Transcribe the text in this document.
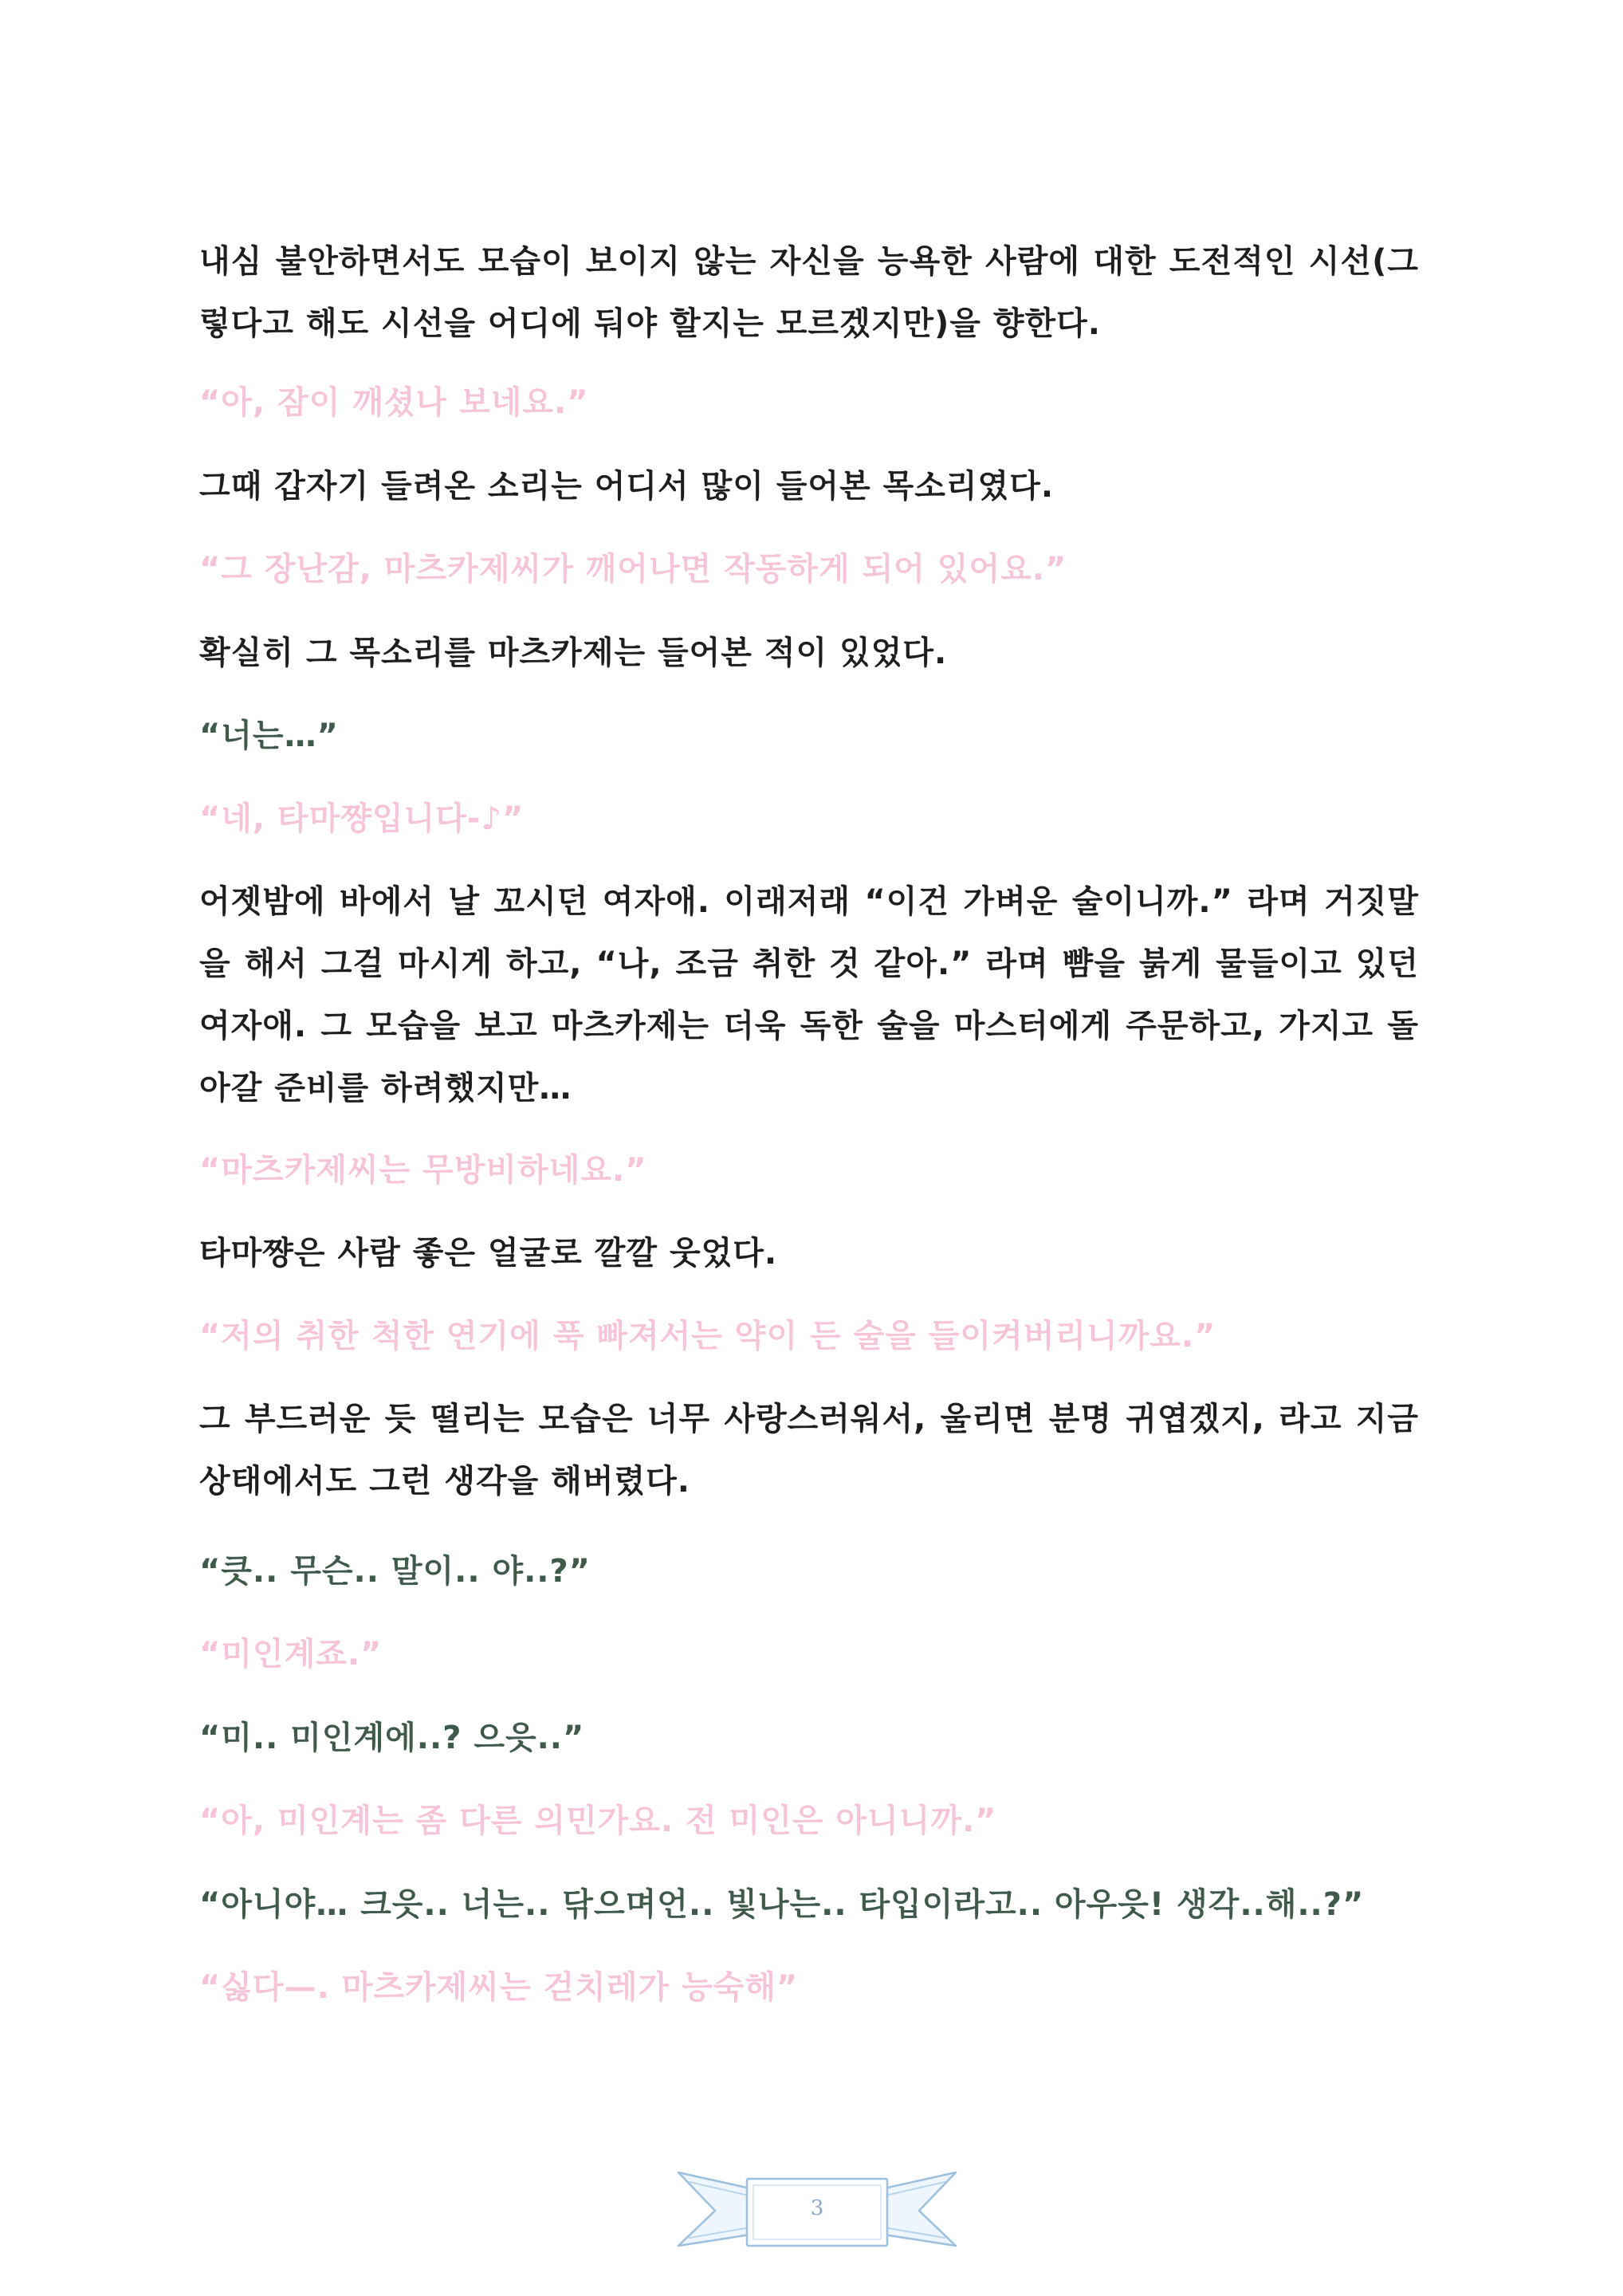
내심 불안하면서도 모습이 보이지 않는 자신을 능욕한 사람에 대한 도전적인 시선(그렇다고 해도 시선을 어디에 둬야 할지는 모르겠지만)을 향한다.

“아, 잠이 깨셨나 보네요.”

그때 갑자기 들려온 소리는 어디서 많이 들어본 목소리였다.

“그 장난감, 마츠카제씨가 깨어나면 작동하게 되어 있어요.”

확실히 그 목소리를 마츠카제는 들어본 적이 있었다.

“너는…”

“네, 타마쨩입니다-♪”

어젯밤에 바에서 날 꼬시던 여자애. 이래저래 “이건 가벼운 술이니까.” 라며 거짓말을 해서 그걸 마시게 하고, “나, 조금 취한 것 같아.” 라며 뺨을 붉게 물들이고 있던 여자애. 그 모습을 보고 마츠카제는 더욱 독한 술을 마스터에게 주문하고, 가지고 돌아갈 준비를 하려했지만…

“마츠카제씨는 무방비하네요.”

타마쨩은 사람 좋은 얼굴로 깔깔 웃었다.

“저의 취한 척한 연기에 푹 빠져서는 약이 든 술을 들이켜버리니까요.”

그 부드러운 듯 떨리는 모습은 너무 사랑스러워서, 울리면 분명 귀엽겠지, 라고 지금 상태에서도 그런 생각을 해버렸다.

“큿.. 무슨.. 말이.. 야..?”

“미인계죠.”

“미.. 미인계에..? 으읏..”

“아, 미인계는 좀 다른 의민가요. 전 미인은 아니니까.”

“아니야… 크읏.. 너는.. 닦으며언.. 빛나는.. 타입이라고.. 아우읏! 생각..해..?”

“싫다—. 마츠카제씨는 걷치레가 능숙해”

3
